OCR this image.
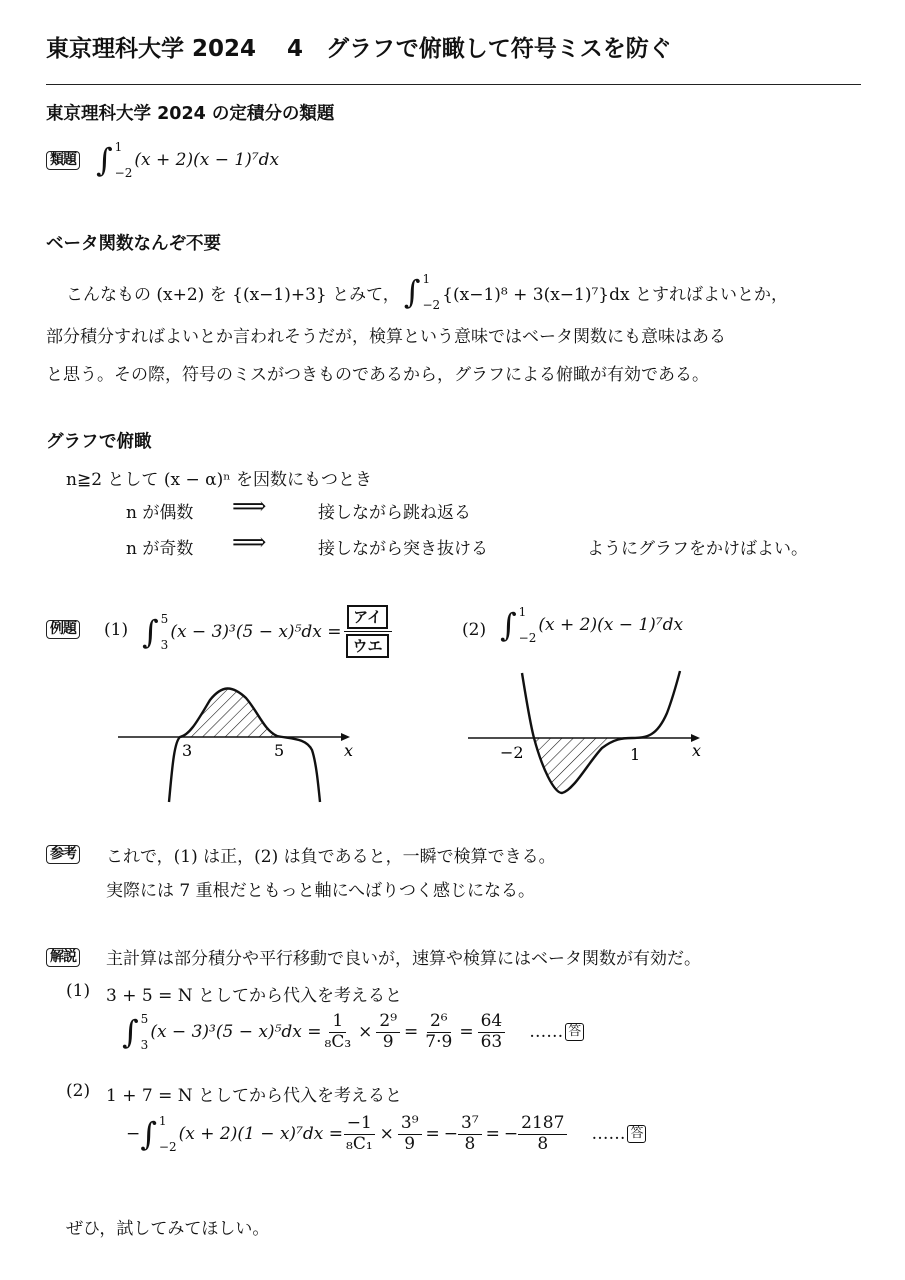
東京理科大学 2024　 4　グラフで俯瞰して符号ミスを防ぐ
東京理科大学 2024 の定積分の類題
類題 ∫ 1
−2
(x + 2)(x − 1)⁷dx
ベータ関数なんぞ不要
こんなもの (x+2) を {(x−1)+3} とみて， ∫ 1
−2
{(x−1)⁸ + 3(x−1)⁷}dx とすればよいとか，
部分積分すればよいとか言われそうだが，検算という意味ではベータ関数にも意味はある
と思う。その際，符号のミスがつきものであるから，グラフによる俯瞰が有効である。
グラフで俯瞰
n≧2 として (x − α)ⁿ を因数にもつとき
n が偶数 ⟹	接しながら跳ね返る
n が奇数 ⟹	接しながら突き抜ける	ようにグラフをかけばよい。
例題 (1) ∫ 5
3
$(x - 3)^3(5 - x)^5dx = \frac{\text{アイ}}{\text{ウエ}}$	(2) ∫ 1
−2
(x + 2)(x − 1)⁷dx
3	5	x	−2	1	x
参考 これで，(1) は正，(2) は負であると，一瞬で検算できる。
実際には 7 重根だともっと軸にへばりつく感じになる。
解説 主計算は部分積分や平行移動で良いが，速算や検算にはベータ関数が有効だ。
(1) 3 + 5 = N としてから代入を考えると
∫ 5
3
$(x - 3)^3(5 - x)^5dx = \frac{1}{\text{₈C₃}} \times \frac{\text{2⁹}}{9} = \frac{\text{2⁶}}{7\cdot 9} = \frac{64}{63}$ …… 答
(2) 1 + 7 = N としてから代入を考えると
− ∫ 1
−2
$(x + 2)(1 - x)^7dx = \frac{-1}{\text{₈C₁}} \times \frac{\text{3⁹}}{9}$ = − $\frac{\text{3⁷}}{8}$ = − $\frac{2187}{8}$ …… 答
ぜひ，試してみてほしい。
